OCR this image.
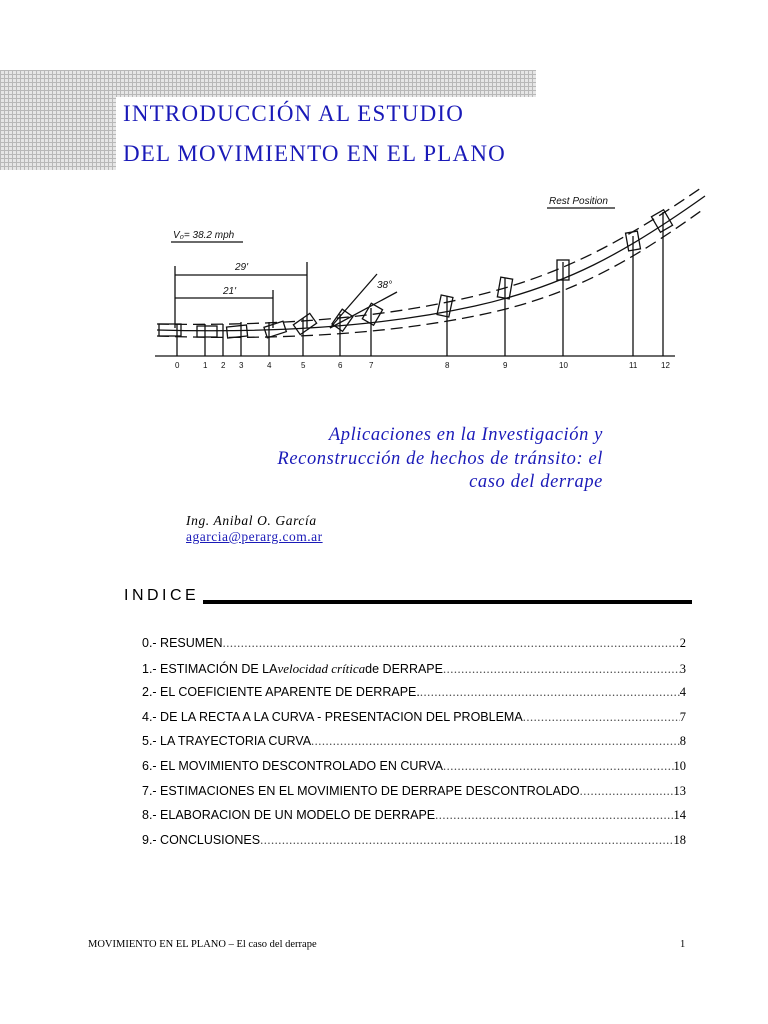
INTRODUCCIÓN AL ESTUDIO
DEL MOVIMIENTO EN EL PLANO
V₀= 38.2 mph
Rest Position
29'
21'
38°
0	1 2 3	4	5	6	7	8	9	10	11	12
Aplicaciones en la Investigación y
Reconstrucción de hechos de tránsito: el
caso del derrape
Ing. Anibal O. García
agarcia@perarg.com.ar
INDICE
0.- RESUMEN .....	2
1.- ESTIMACIÓN DE LA velocidad crítica de DERRAPE .....	3
2.- EL COEFICIENTE APARENTE DE DERRAPE. .....	4
4.- DE LA RECTA A LA CURVA - PRESENTACION DEL PROBLEMA .....	7
5.- LA TRAYECTORIA CURVA .....	8
6.- EL MOVIMIENTO DESCONTROLADO EN CURVA .....	10
7.- ESTIMACIONES EN EL MOVIMIENTO DE DERRAPE DESCONTROLADO .....	13
8.- ELABORACION DE UN MODELO DE DERRAPE .....	14
9.- CONCLUSIONES .....	18
MOVIMIENTO EN EL PLANO – El caso del derrape	1
